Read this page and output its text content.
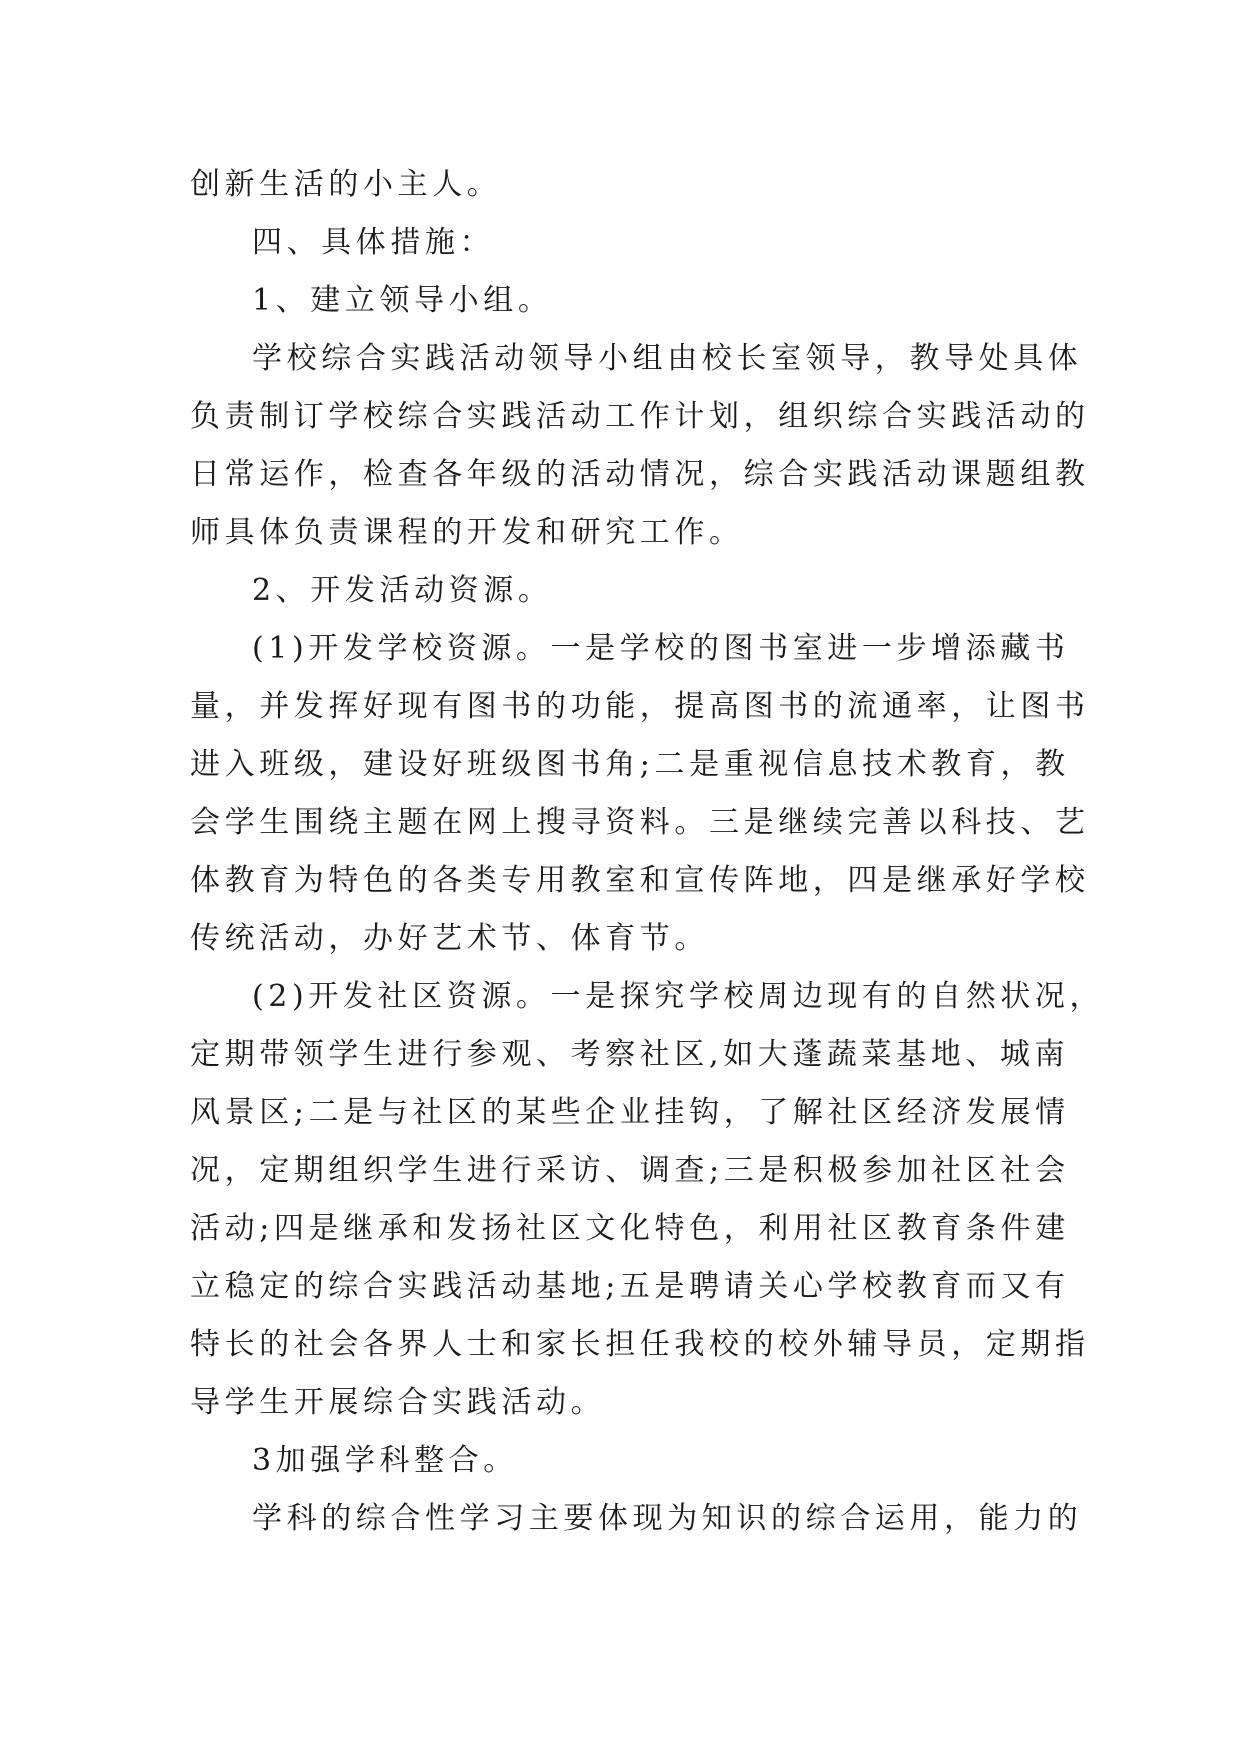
创新生活的小主人。

四、具体措施：

1、建立领导小组。

学校综合实践活动领导小组由校长室领导，教导处具体

负责制订学校综合实践活动工作计划，组织综合实践活动的

日常运作，检查各年级的活动情况，综合实践活动课题组教

师具体负责课程的开发和研究工作。

2、开发活动资源。

(1)开发学校资源。一是学校的图书室进一步增添藏书

量，并发挥好现有图书的功能，提高图书的流通率，让图书

进入班级，建设好班级图书角;二是重视信息技术教育，教

会学生围绕主题在网上搜寻资料。三是继续完善以科技、艺

体教育为特色的各类专用教室和宣传阵地，四是继承好学校

传统活动，办好艺术节、体育节。

(2)开发社区资源。一是探究学校周边现有的自然状况，

定期带领学生进行参观、考察社区,如大蓬蔬菜基地、城南

风景区;二是与社区的某些企业挂钩，了解社区经济发展情

况，定期组织学生进行采访、调查;三是积极参加社区社会

活动;四是继承和发扬社区文化特色，利用社区教育条件建

立稳定的综合实践活动基地;五是聘请关心学校教育而又有

特长的社会各界人士和家长担任我校的校外辅导员，定期指

导学生开展综合实践活动。

3加强学科整合。

学科的综合性学习主要体现为知识的综合运用，能力的
